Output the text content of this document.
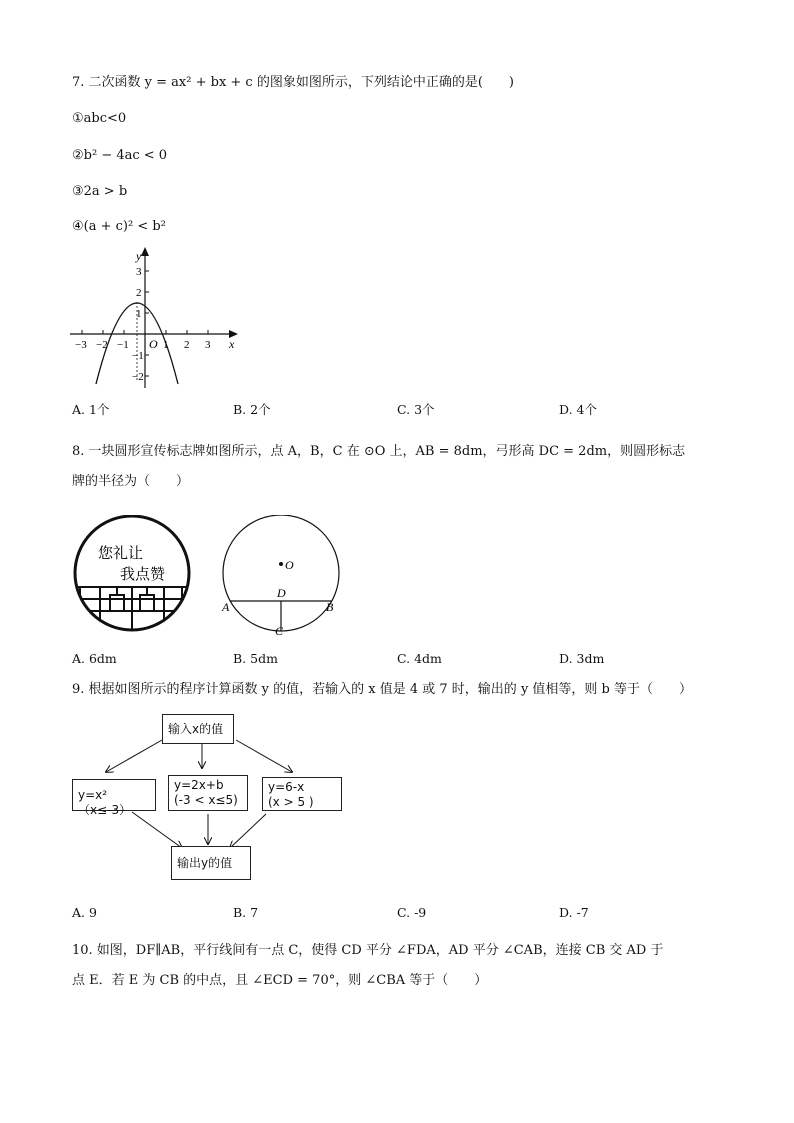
7. 二次函数 y = ax² + bx + c 的图象如图所示，下列结论中正确的是(　　)
①abc<0
②b² − 4ac < 0
③2a > b
④(a + c)² < b²
y
x
O
−3 −2 −1	1 2 3
3
2
1
−1
−2
A. 1个	B. 2个	C. 3个	D. 4个
8. 一块圆形宣传标志牌如图所示，点 A，B，C 在 ⊙O 上，AB = 8dm，弓形高 DC = 2dm，则圆形标志
牌的半径为（　　）
您礼让
我点赞
O
D
A	B
C
A. 6dm	B. 5dm	C. 4dm	D. 3dm
9. 根据如图所示的程序计算函数 y 的值，若输入的 x 值是 4 或 7 时，输出的 y 值相等，则 b 等于（　　）
输入x的值
y=x²（x≤-3）
y=2x+b
(-3 < x≤5)
y=6-x
(x > 5 )
输出y的值
A. 9	B. 7	C. -9	D. -7
10. 如图，DF∥AB，平行线间有一点 C，使得 CD 平分 ∠FDA，AD 平分 ∠CAB，连接 CB 交 AD 于
点 E．若 E 为 CB 的中点，且 ∠ECD = 70°，则 ∠CBA 等于（　　）
